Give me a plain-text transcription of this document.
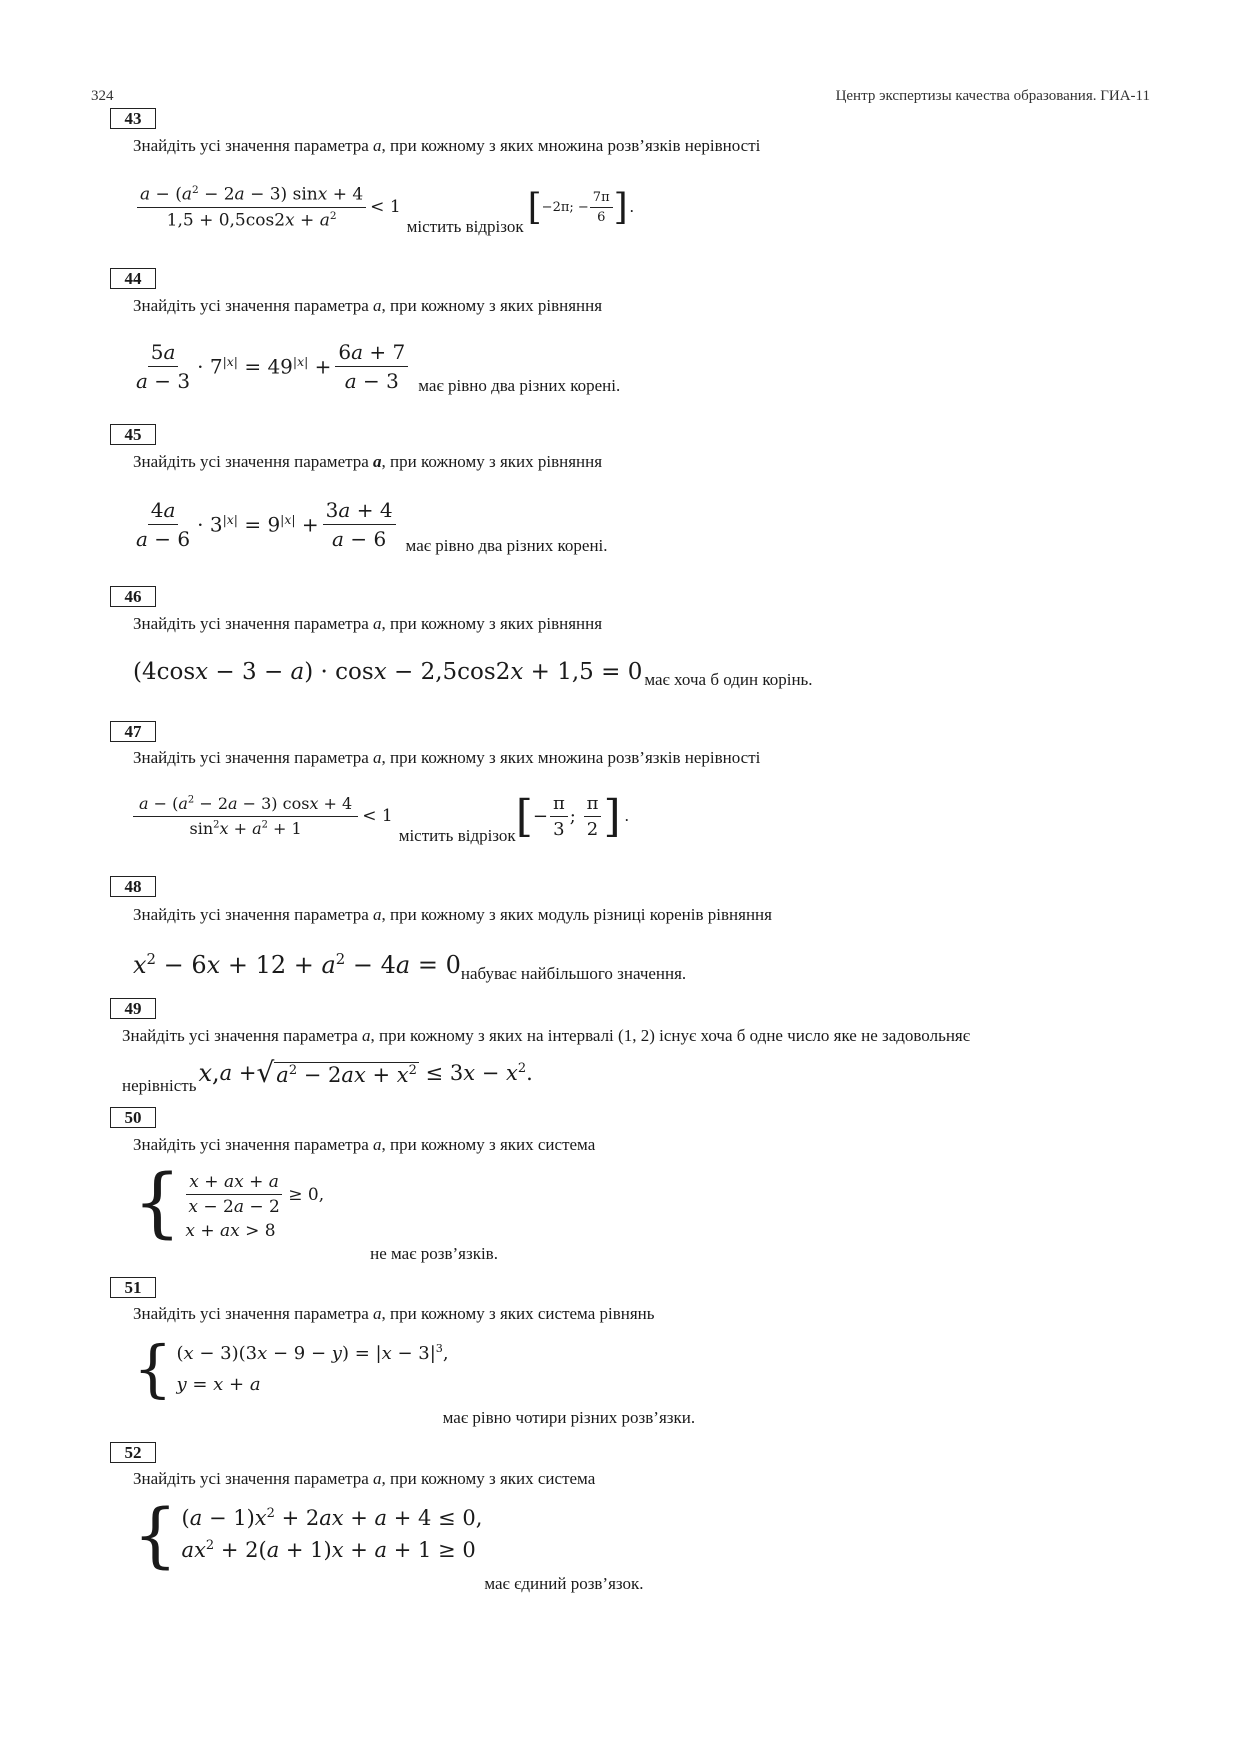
324	Центр экспертизы качества образования. ГИА-11
43
Знайдіть усі значення параметра a, при кожному з яких множина розв’язків нерівності
$\frac{a - (a^2 - 2a - 3) \sin x + 4}{1,5 + 0,5\cos 2x + a^2} < 1$
містить відрізок [ −2π; − $\frac{7\pi}{6}$ ] .
44
Знайдіть усі значення параметра a, при кожному з яких рівняння
$\frac{5a}{a - 3} \cdot 7^{|x|} = 49^{|x|} + \frac{6a + 7}{a - 3}$ має рівно два різних корені.
45
Знайдіть усі значення параметра a, при кожному з яких рівняння
$\frac{4a}{a - 6} \cdot 3^{|x|} = 9^{|x|} + \frac{3a + 4}{a - 6}$ має рівно два різних корені.
46
Знайдіть усі значення параметра a, при кожному з яких рівняння
(4cosx − 3 − a) · cosx − 2,5cos2x + 1,5 = 0 має хоча б один корінь.
47
Знайдіть усі значення параметра a, при кожному з яких множина розв’язків нерівності
$\frac{a - (a^2 - 2a - 3) \cos x + 4}{\sin^2x + a^2 + 1} < 1$
містить відрізок [ − $\frac{\pi}{3}$ ; $\frac{\pi}{2}$ ] .
48
Знайдіть усі значення параметра a, при кожному з яких модуль різниці коренів рівняння
$x^2 - 6x + 12 + a^2 - 4a = 0$ набуває найбільшого значення.
49
Знайдіть усі значення параметра a, при кожному з яких на інтервалі (1, 2) існує хоча б одне число яке не задовольняє
нерівність x, a + √ $a^2 - 2ax + x^2 \le 3x - x^2$.
50
Знайдіть усі значення параметра a, при кожному з яких система
{ $\frac{x + ax + a}{x - 2a - 2} \ge 0$,
x + ax > 8
не має розв’язків.
51
Знайдіть усі значення параметра a, при кожному з яких система рівнянь
{ $(x - 3)(3x - 9 - y) = |x - 3|^3$,
y = x + a
має рівно чотири різних розв’язки.
52
Знайдіть усі значення параметра a, при кожному з яких система
{ $(a - 1)x^2 + 2ax + a + 4 \le 0$,
$ax^2 + 2(a + 1)x + a + 1 \ge 0$
має єдиний розв’язок.
